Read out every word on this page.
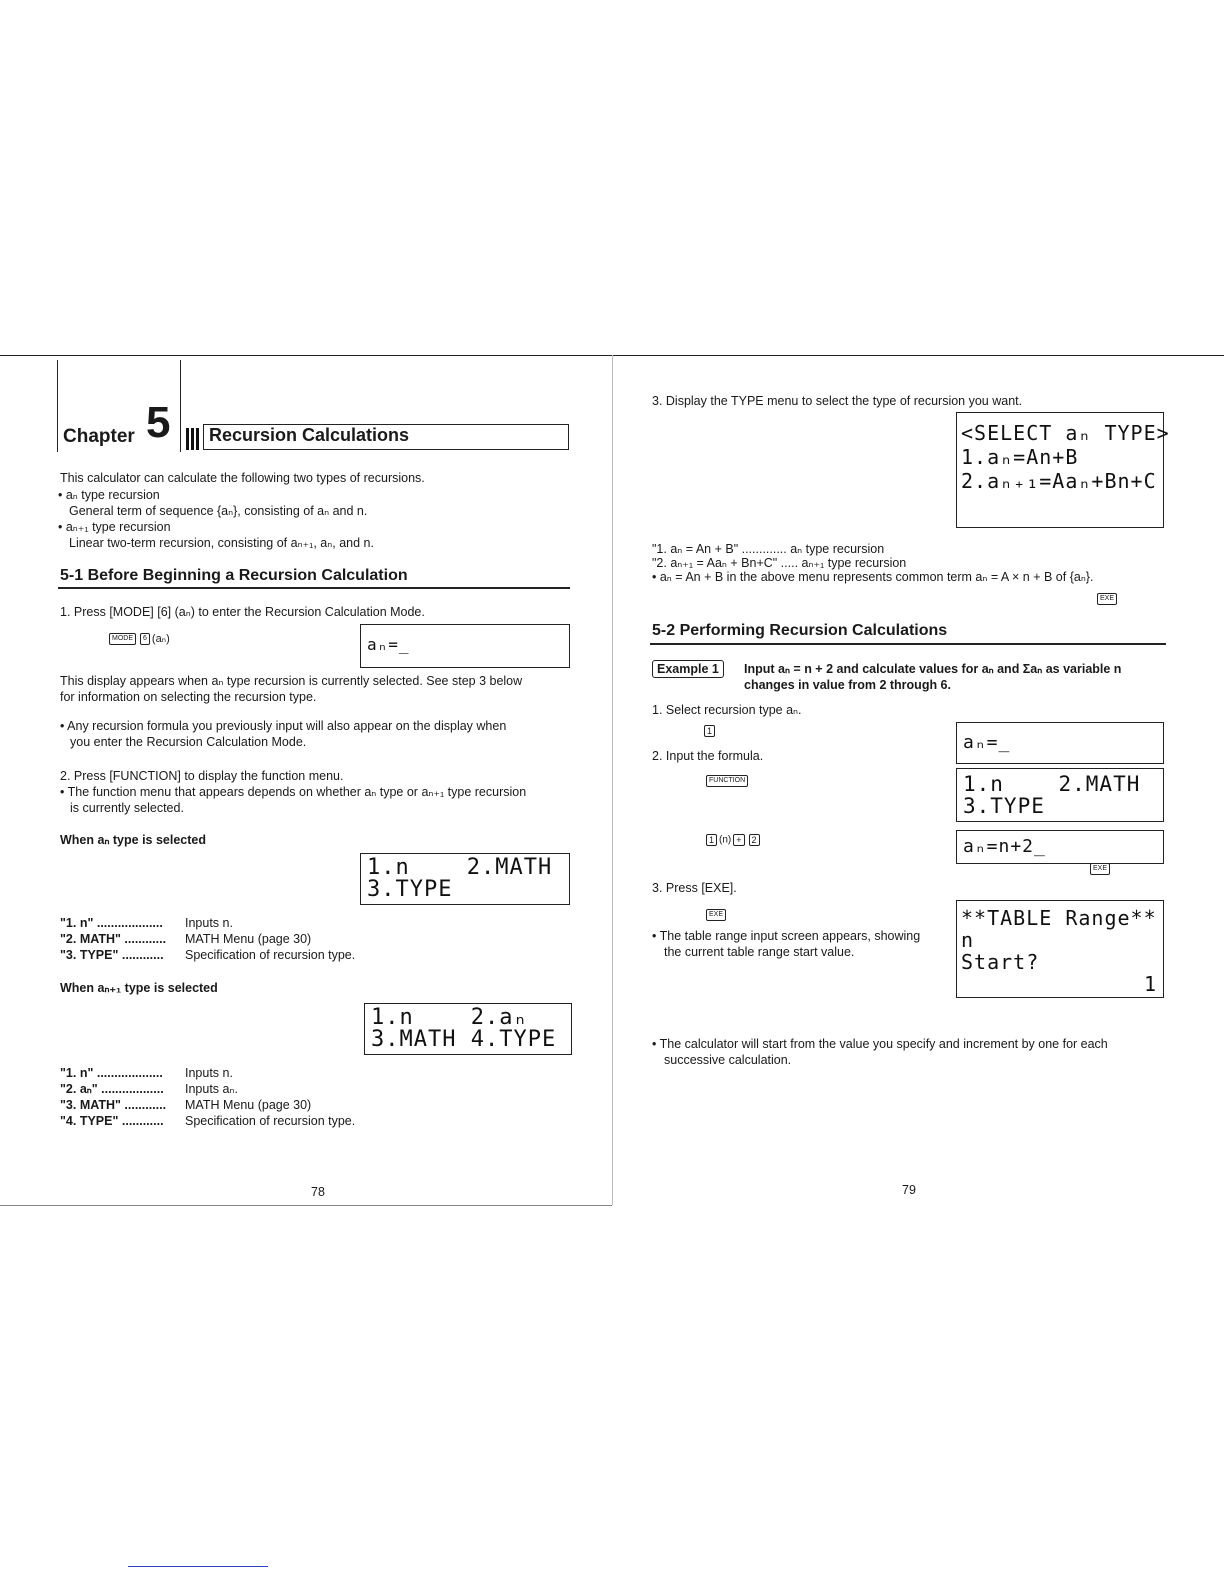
Chapter 5 Recursion Calculations
This calculator can calculate the following two types of recursions.
• aₙ type recursion
General term of sequence {aₙ}, consisting of aₙ and n.
• aₙ₊₁ type recursion
Linear two-term recursion, consisting of aₙ₊₁, aₙ, and n.
5-1 Before Beginning a Recursion Calculation
1. Press [MODE] [6] (aₙ) to enter the Recursion Calculation Mode.
MODE 6 (aₙ)	aₙ=_
This display appears when aₙ type recursion is currently selected. See step 3 below
for information on selecting the recursion type.
• Any recursion formula you previously input will also appear on the display when
you enter the Recursion Calculation Mode.
2. Press [FUNCTION] to display the function menu.
• The function menu that appears depends on whether aₙ type or aₙ₊₁ type recursion
is currently selected.
When aₙ type is selected
1.n    2.MATH
3.TYPE
"1. n" ................... Inputs n.
"2. MATH" ............ MATH Menu (page 30)
"3. TYPE" ............ Specification of recursion type.
When aₙ₊₁ type is selected
1.n    2.aₙ
3.MATH 4.TYPE
"1. n" ................... Inputs n.
"2. aₙ" .................. Inputs aₙ.
"3. MATH" ............ MATH Menu (page 30)
"4. TYPE" ............ Specification of recursion type.
78
3. Display the TYPE menu to select the type of recursion you want.
<SELECT aₙ TYPE>
1.aₙ=An+B
2.aₙ₊₁=Aaₙ+Bn+C
"1. aₙ = An + B" ............. aₙ type recursion
"2. aₙ₊₁ = Aaₙ + Bn+C" ..... aₙ₊₁ type recursion
• aₙ = An + B in the above menu represents common term aₙ = A × n + B of {aₙ}.
EXE
5-2 Performing Recursion Calculations
Example 1	Input aₙ = n + 2 and calculate values for aₙ and Σaₙ as variable n
changes in value from 2 through 6.
1. Select recursion type aₙ.
1
aₙ=_
2. Input the formula.
FUNCTION	1.n    2.MATH
3.TYPE
1 (n) + 2	aₙ=n+2_
EXE
3. Press [EXE].
EXE	**TABLE Range**
n
Start?
1
• The table range input screen appears, showing
the current table range start value.
• The calculator will start from the value you specify and increment by one for each
successive calculation.
79
